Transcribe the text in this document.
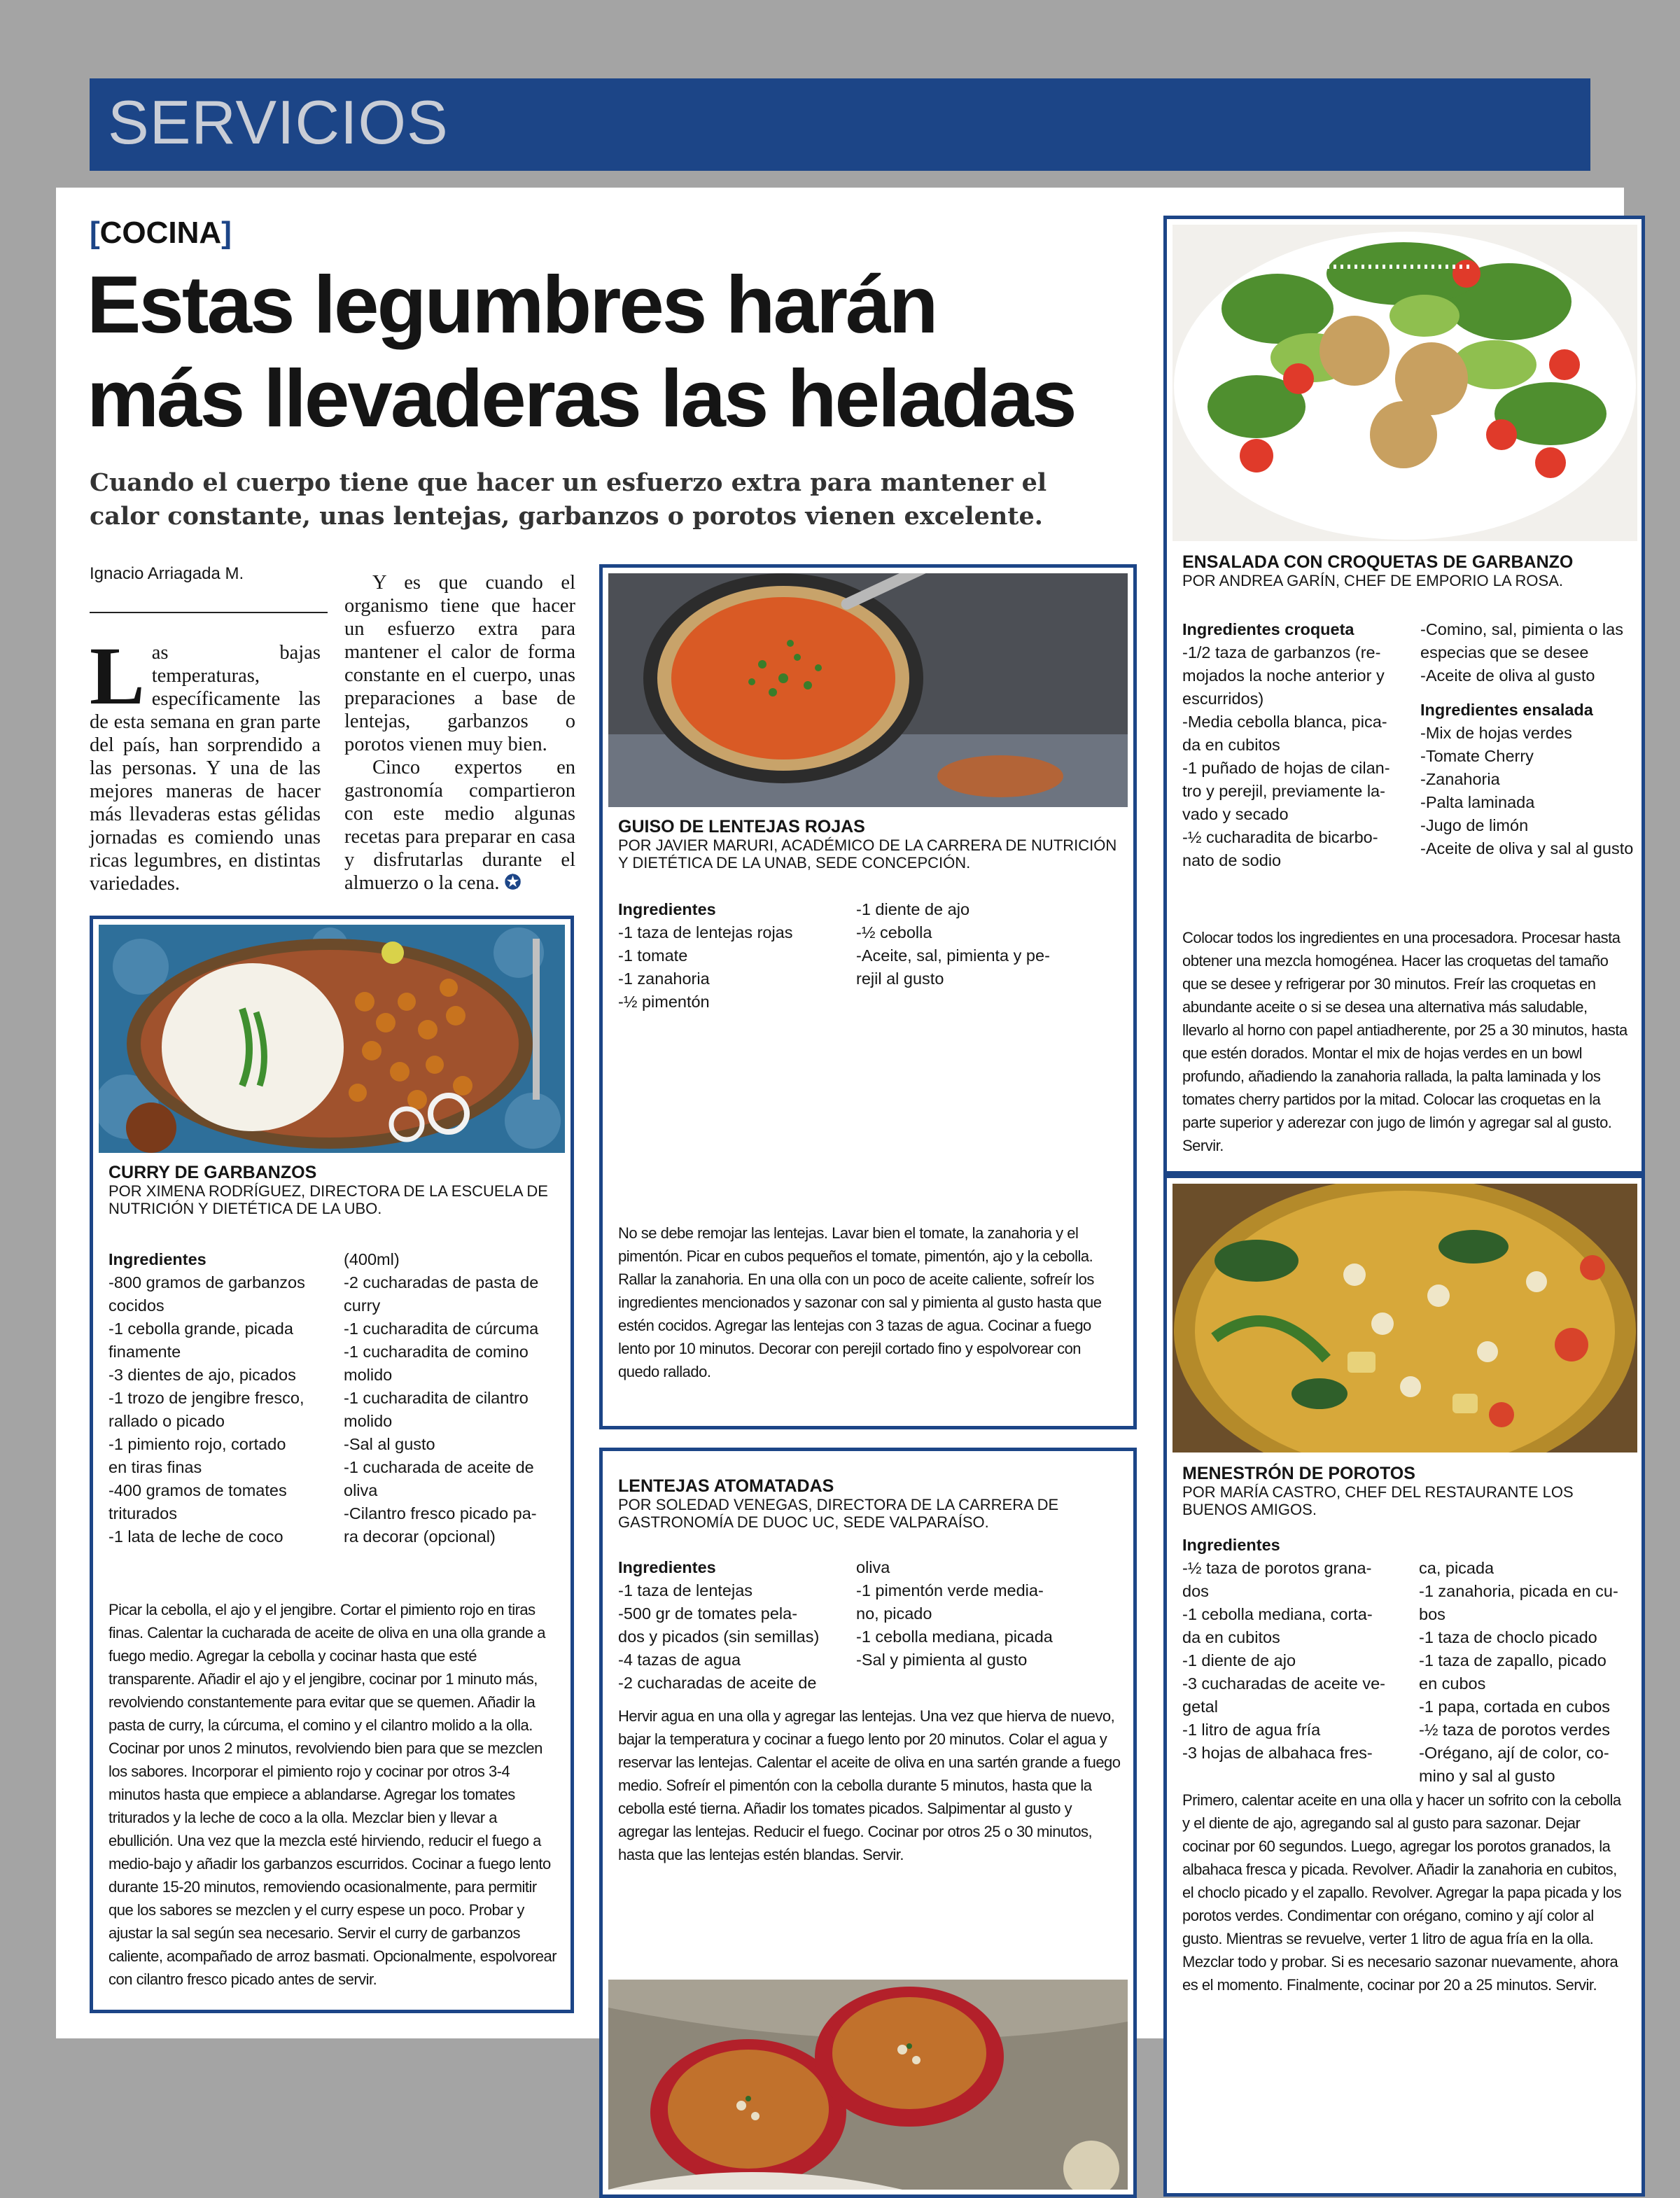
SERVICIOS
[COCINA]
Estas legumbres harán
más llevaderas las heladas
Cuando el cuerpo tiene que hacer un esfuerzo extra para mantener el calor constante, unas lentejas, garbanzos o porotos vienen excelente.
Ignacio Arriagada M.

Las bajas temperaturas, específicamente las de esta semana en gran parte del país, han sorprendido a las personas. Y una de las mejores maneras de hacer más llevaderas estas gélidas jornadas es comiendo unas ricas legumbres, en distintas variedades.

Y es que cuando el organismo tiene que hacer un esfuerzo extra para mantener el calor de forma constante en el cuerpo, unas preparaciones a base de lentejas, garbanzos o porotos vienen muy bien.

Cinco expertos en gastronomía compartieron con este medio algunas recetas para preparar en casa y disfrutarlas durante el almuerzo o la cena. ✪

CURRY DE GARBANZOS
POR XIMENA RODRÍGUEZ, DIRECTORA DE LA ESCUELA DE NUTRICIÓN Y DIETÉTICA DE LA UBO.
Ingredientes
-800 gramos de garbanzos
cocidos
-1 cebolla grande, picada
finamente
-3 dientes de ajo, picados
-1 trozo de jengibre fresco,
rallado o picado
-1 pimiento rojo, cortado
en tiras finas
-400 gramos de tomates
triturados
-1 lata de leche de coco
(400ml)
-2 cucharadas de pasta de
curry
-1 cucharadita de cúrcuma
-1 cucharadita de comino
molido
-1 cucharadita de cilantro
molido
-Sal al gusto
-1 cucharada de aceite de
oliva
-Cilantro fresco picado pa-
ra decorar (opcional)
Picar la cebolla, el ajo y el jengibre. Cortar el pimiento rojo en tiras finas. Calentar la cucharada de aceite de oliva en una olla grande a fuego medio. Agregar la cebolla y cocinar hasta que esté transparente. Añadir el ajo y el jengibre, cocinar por 1 minuto más, revolviendo constantemente para evitar que se quemen. Añadir la pasta de curry, la cúrcuma, el comino y el cilantro molido a la olla. Cocinar por unos 2 minutos, revolviendo bien para que se mezclen los sabores. Incorporar el pimiento rojo y cocinar por otros 3-4 minutos hasta que empiece a ablandarse. Agregar los tomates triturados y la leche de coco a la olla. Mezclar bien y llevar a ebullición. Una vez que la mezcla esté hirviendo, reducir el fuego a medio-bajo y añadir los garbanzos escurridos. Cocinar a fuego lento durante 15-20 minutos, removiendo ocasionalmente, para permitir que los sabores se mezclen y el curry espese un poco. Probar y ajustar la sal según sea necesario. Servir el curry de garbanzos caliente, acompañado de arroz basmati. Opcionalmente, espolvorear con cilantro fresco picado antes de servir.
GUISO DE LENTEJAS ROJAS
POR JAVIER MARURI, ACADÉMICO DE LA CARRERA DE NUTRICIÓN Y DIETÉTICA DE LA UNAB, SEDE CONCEPCIÓN.
Ingredientes
-1 taza de lentejas rojas
-1 tomate
-1 zanahoria
-½ pimentón
-1 diente de ajo
-½ cebolla
-Aceite, sal, pimienta y pe-
rejil al gusto
No se debe remojar las lentejas. Lavar bien el tomate, la zanahoria y el pimentón. Picar en cubos pequeños el tomate, pimentón, ajo y la cebolla. Rallar la zanahoria. En una olla con un poco de aceite caliente, sofreír los ingredientes mencionados y sazonar con sal y pimienta al gusto hasta que estén cocidos. Agregar las lentejas con 3 tazas de agua. Cocinar a fuego lento por 10 minutos. Decorar con perejil cortado fino y espolvorear con quedo rallado.
LENTEJAS ATOMATADAS
POR SOLEDAD VENEGAS, DIRECTORA DE LA CARRERA DE GASTRONOMÍA DE DUOC UC, SEDE VALPARAÍSO.
Ingredientes
-1 taza de lentejas
-500 gr de tomates pela-
dos y picados (sin semillas)
-4 tazas de agua
-2 cucharadas de aceite de
oliva
-1 pimentón verde media-
no, picado
-1 cebolla mediana, picada
-Sal y pimienta al gusto
Hervir agua en una olla y agregar las lentejas. Una vez que hierva de nuevo, bajar la temperatura y cocinar a fuego lento por 20 minutos. Colar el agua y reservar las lentejas. Calentar el aceite de oliva en una sartén grande a fuego medio. Sofreír el pimentón con la cebolla durante 5 minutos, hasta que la cebolla esté tierna. Añadir los tomates picados. Salpimentar al gusto y agregar las lentejas. Reducir el fuego. Cocinar por otros 25 o 30 minutos, hasta que las lentejas estén blandas. Servir.
ENSALADA CON CROQUETAS DE GARBANZO
POR ANDREA GARÍN, CHEF DE EMPORIO LA ROSA.
Ingredientes croqueta
-1/2 taza de garbanzos (re-
mojados la noche anterior y
escurridos)
-Media cebolla blanca, pica-
da en cubitos
-1 puñado de hojas de cilan-
tro y perejil, previamente la-
vado y secado
-½ cucharadita de bicarbo-
nato de sodio
-Comino, sal, pimienta o las
especias que se desee
-Aceite de oliva al gusto
Ingredientes ensalada
-Mix de hojas verdes
-Tomate Cherry
-Zanahoria
-Palta laminada
-Jugo de limón
-Aceite de oliva y sal al gusto
Colocar todos los ingredientes en una procesadora. Procesar hasta obtener una mezcla homogénea. Hacer las croquetas del tamaño que se desee y refrigerar por 30 minutos. Freír las croquetas en abundante aceite o si se desea una alternativa más saludable, llevarlo al horno con papel antiadherente, por 25 a 30 minutos, hasta que estén dorados. Montar el mix de hojas verdes en un bowl profundo, añadiendo la zanahoria rallada, la palta laminada y los tomates cherry partidos por la mitad. Colocar las croquetas en la parte superior y aderezar con jugo de limón y agregar sal al gusto. Servir.
MENESTRÓN DE POROTOS
POR MARÍA CASTRO, CHEF DEL RESTAURANTE LOS BUENOS AMIGOS.
Ingredientes
-½ taza de porotos grana-
dos
-1 cebolla mediana, corta-
da en cubitos
-1 diente de ajo
-3 cucharadas de aceite ve-
getal
-1 litro de agua fría
-3 hojas de albahaca fres-
ca, picada
-1 zanahoria, picada en cu-
bos
-1 taza de choclo picado
-1 taza de zapallo, picado
en cubos
-1 papa, cortada en cubos
-½ taza de porotos verdes
-Orégano, ají de color, co-
mino y sal al gusto
Primero, calentar aceite en una olla y hacer un sofrito con la cebolla y el diente de ajo, agregando sal al gusto para sazonar. Dejar cocinar por 60 segundos. Luego, agregar los porotos granados, la albahaca fresca y picada. Revolver. Añadir la zanahoria en cubitos, el choclo picado y el zapallo. Revolver. Agregar la papa picada y los porotos verdes. Condimentar con orégano, comino y ají color al gusto. Mientras se revuelve, verter 1 litro de agua fría en la olla. Mezclar todo y probar. Si es necesario sazonar nuevamente, ahora es el momento. Finalmente, cocinar por 20 a 25 minutos. Servir.
